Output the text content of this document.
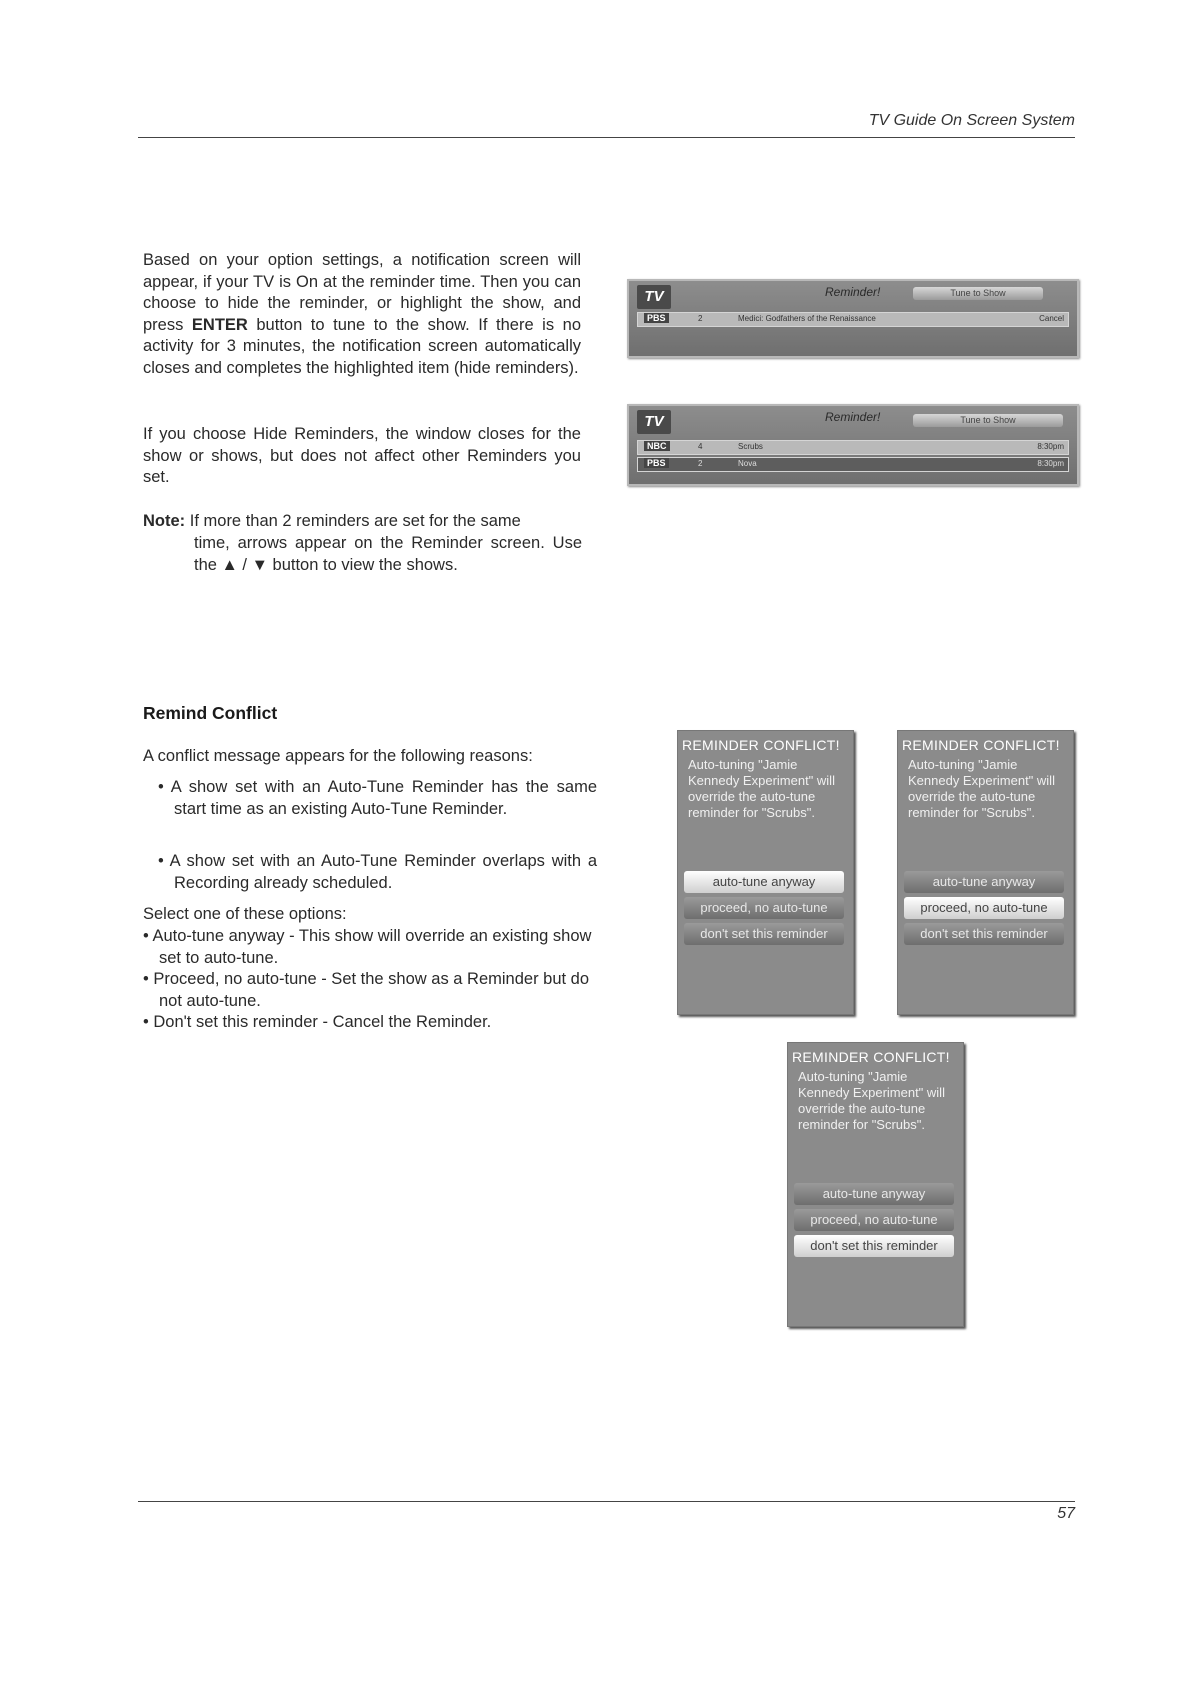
TV Guide On Screen System
Based on your option settings, a notification screen will appear, if your TV is On at the reminder time. Then you can choose to hide the reminder, or highlight the show, and press ENTER button to tune to the show. If there is no activity for 3 minutes, the notification screen automatically closes and completes the highlighted item (hide reminders).
If you choose Hide Reminders, the window closes for the show or shows, but does not affect other Reminders you set.
Note: If more than 2 reminders are set for the same
time, arrows appear on the Reminder screen. Use the ▲ / ▼ button to view the shows.
TV	Reminder!	Tune to Show
PBS	2	Medici: Godfathers of the Renaissance	Cancel
TV	Reminder!	Tune to Show
NBC	4	Scrubs	8:30pm
PBS	2	Nova	8:30pm
Remind Conflict
A conflict message appears for the following reasons:
• A show set with an Auto-Tune Reminder has the same start time as an existing Auto-Tune Reminder.
• A show set with an Auto-Tune Reminder overlaps with a Recording already scheduled.
Select one of these options:
• Auto-tune anyway - This show will override an existing show set to auto-tune.
• Proceed, no auto-tune - Set the show as a Reminder but do not auto-tune.
• Don't set this reminder - Cancel the Reminder.
REMINDER CONFLICT!
Auto-tuning "Jamie Kennedy Experiment" will override the auto-tune reminder for "Scrubs".
auto-tune anyway
proceed, no auto-tune
don't set this reminder
REMINDER CONFLICT!
Auto-tuning "Jamie Kennedy Experiment" will override the auto-tune reminder for "Scrubs".
auto-tune anyway
proceed, no auto-tune
don't set this reminder
REMINDER CONFLICT!
Auto-tuning "Jamie Kennedy Experiment" will override the auto-tune reminder for "Scrubs".
auto-tune anyway
proceed, no auto-tune
don't set this reminder
57
